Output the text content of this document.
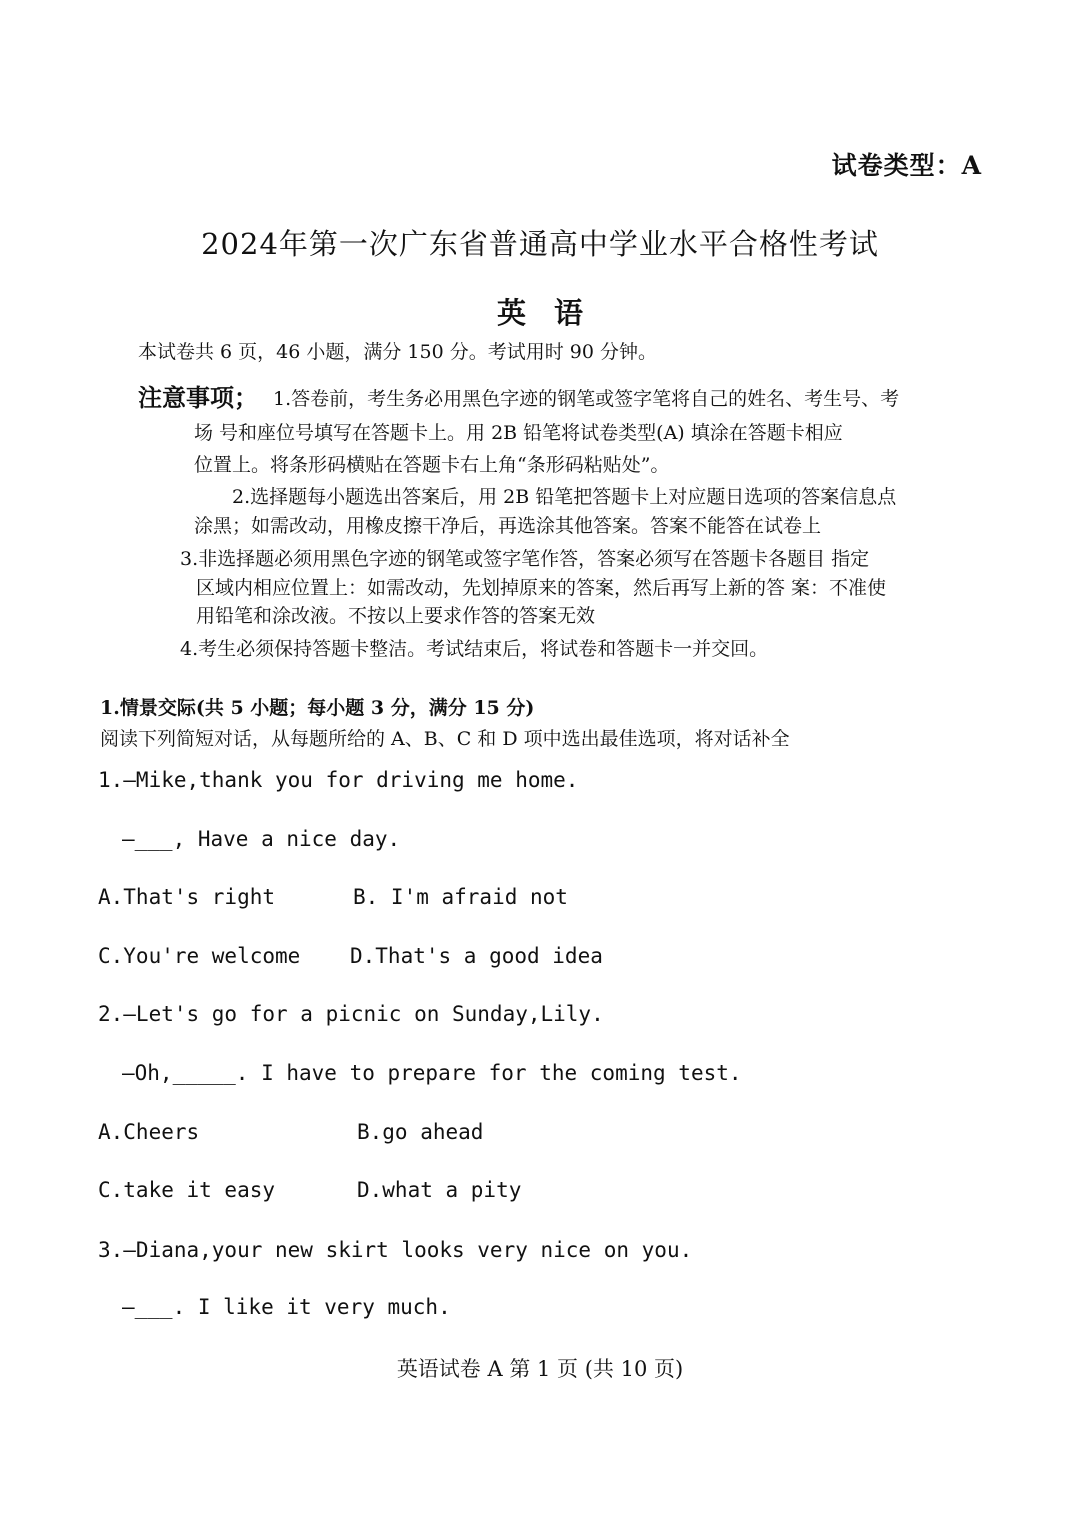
试卷类型：A
2024年第一次广东省普通高中学业水平合格性考试
英语
本试卷共 6 页，46 小题，满分 150 分。考试用时 90 分钟。
注意事项； 1.答卷前，考生务必用黑色字迹的钢笔或签字笔将自己的姓名、考生号、考
场 号和座位号填写在答题卡上。用 2B 铅笔将试卷类型(A) 填涂在答题卡相应
位置上。将条形码横贴在答题卡右上角“条形码粘贴处”。
2.选择题每小题选出答案后，用 2B 铅笔把答题卡上对应题日选项的答案信息点
涂黑；如需改动，用橡皮擦干净后，再选涂其他答案。答案不能答在试卷上
3.非选择题必须用黑色字迹的钢笔或签字笔作答，答案必须写在答题卡各题目 指定
区域内相应位置上：如需改动，先划掉原来的答案，然后再写上新的答 案：不准使
用铅笔和涂改液。不按以上要求作答的答案无效
4.考生必须保持答题卡整洁。考试结束后，将试卷和答题卡一并交回。
1.情景交际(共 5 小题；每小题 3 分，满分 15 分)
阅读下列简短对话，从每题所给的 A、B、C 和 D 项中选出最佳选项，将对话补全
1.—Mike,thank you for driving me home.
—___, Have a nice day.
A.That's right	B. I'm afraid not
C.You're welcome D.That's a good idea
2.—Let's go for a picnic on Sunday,Lily.
—Oh,_____. I have to prepare for the coming test.
A.Cheers	B.go ahead
C.take it easy	D.what a pity
3.—Diana,your new skirt looks very nice on you.
—___. I like it very much.
英语试卷 A 第 1 页 (共 10 页)
